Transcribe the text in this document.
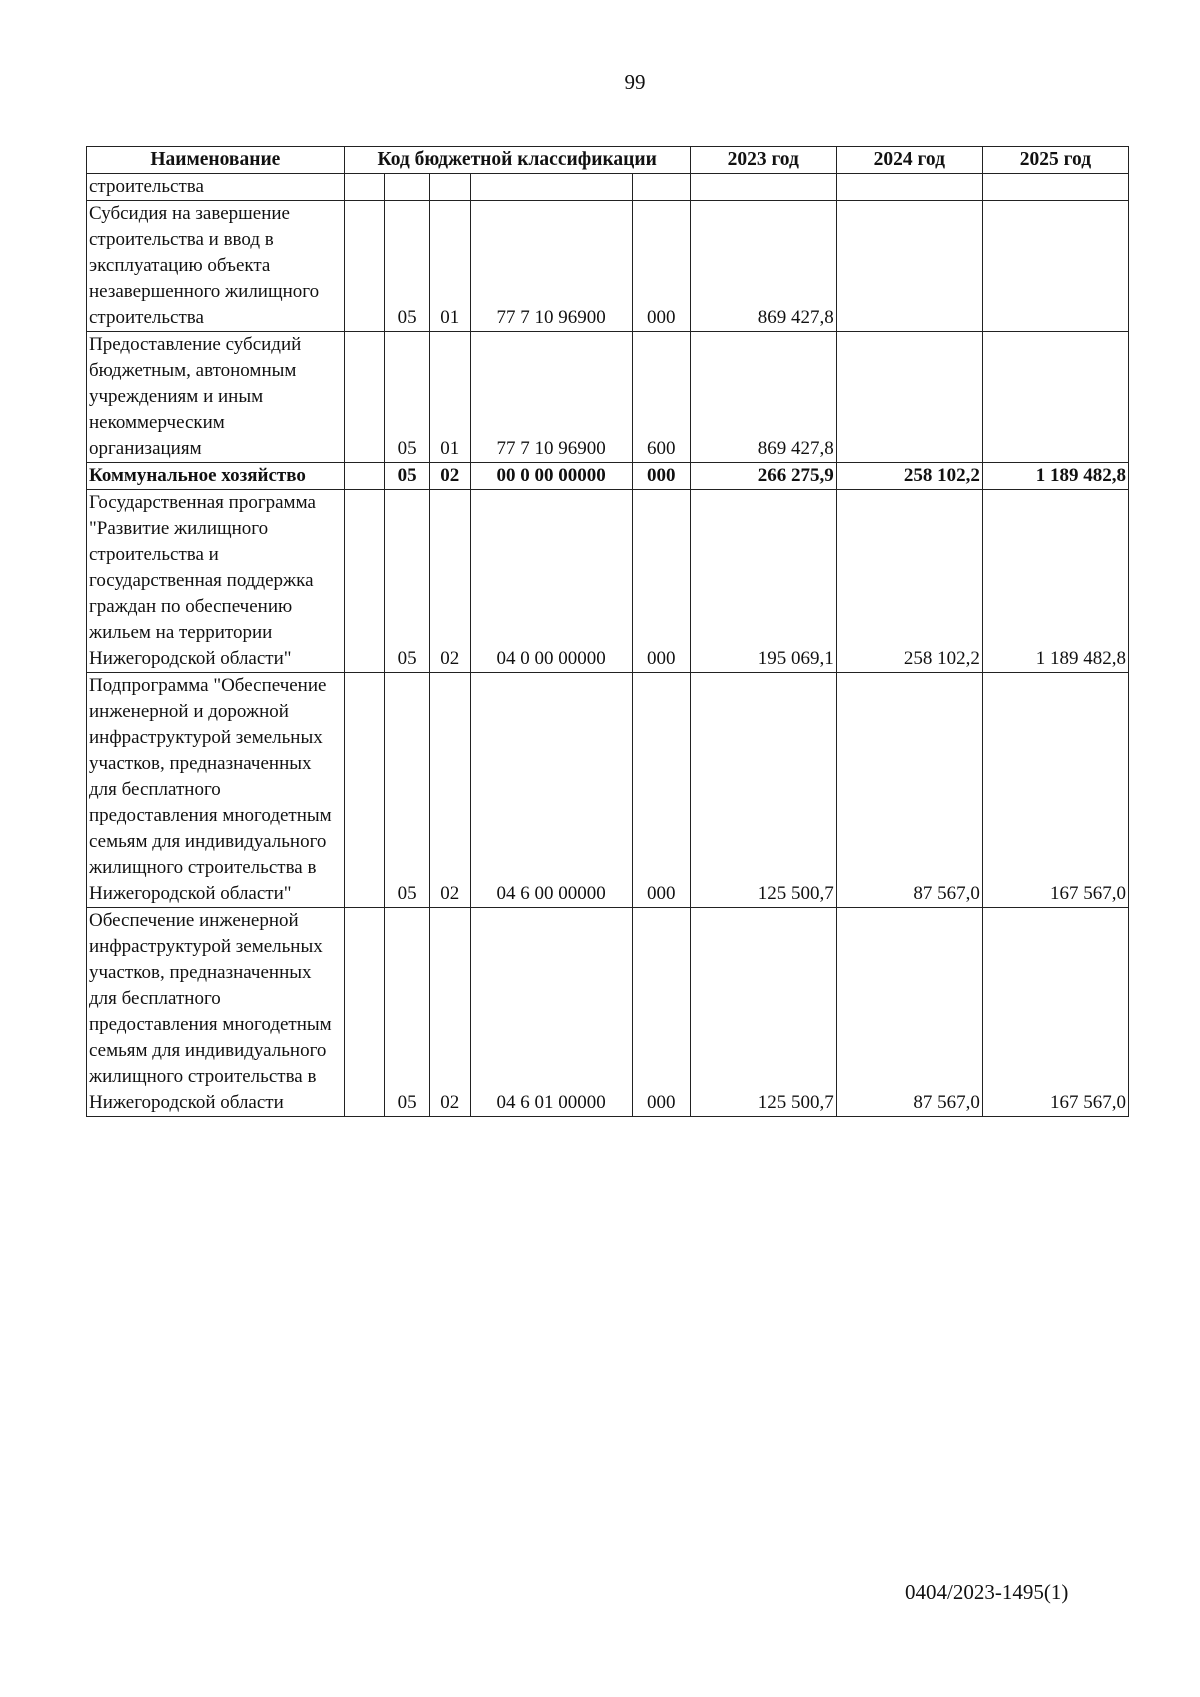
99
Наименование	Код бюджетной классификации					2023 год	2024 год	2025 год
строительства								
Субсидия на завершение строительства и ввод в эксплуатацию объекта незавершенного жилищного строительства		05	01	77 7 10 96900	000	869 427,8		
Предоставление субсидий бюджетным, автономным учреждениям и иным некоммерческим организациям		05	01	77 7 10 96900	600	869 427,8		
Коммунальное хозяйство		05	02	00 0 00 00000	000	266 275,9	258 102,2	1 189 482,8
Государственная программа "Развитие жилищного строительства и государственная поддержка граждан по обеспечению жильем на территории Нижегородской области"		05	02	04 0 00 00000	000	195 069,1	258 102,2	1 189 482,8
Подпрограмма "Обеспечение инженерной и дорожной инфраструктурой земельных участков, предназначенных для бесплатного предоставления многодетным семьям для индивидуального жилищного строительства в Нижегородской области"		05	02	04 6 00 00000	000	125 500,7	87 567,0	167 567,0
Обеспечение инженерной инфраструктурой земельных участков, предназначенных для бесплатного предоставления многодетным семьям для индивидуального жилищного строительства в Нижегородской области		05	02	04 6 01 00000	000	125 500,7	87 567,0	167 567,0
0404/2023-1495(1)
